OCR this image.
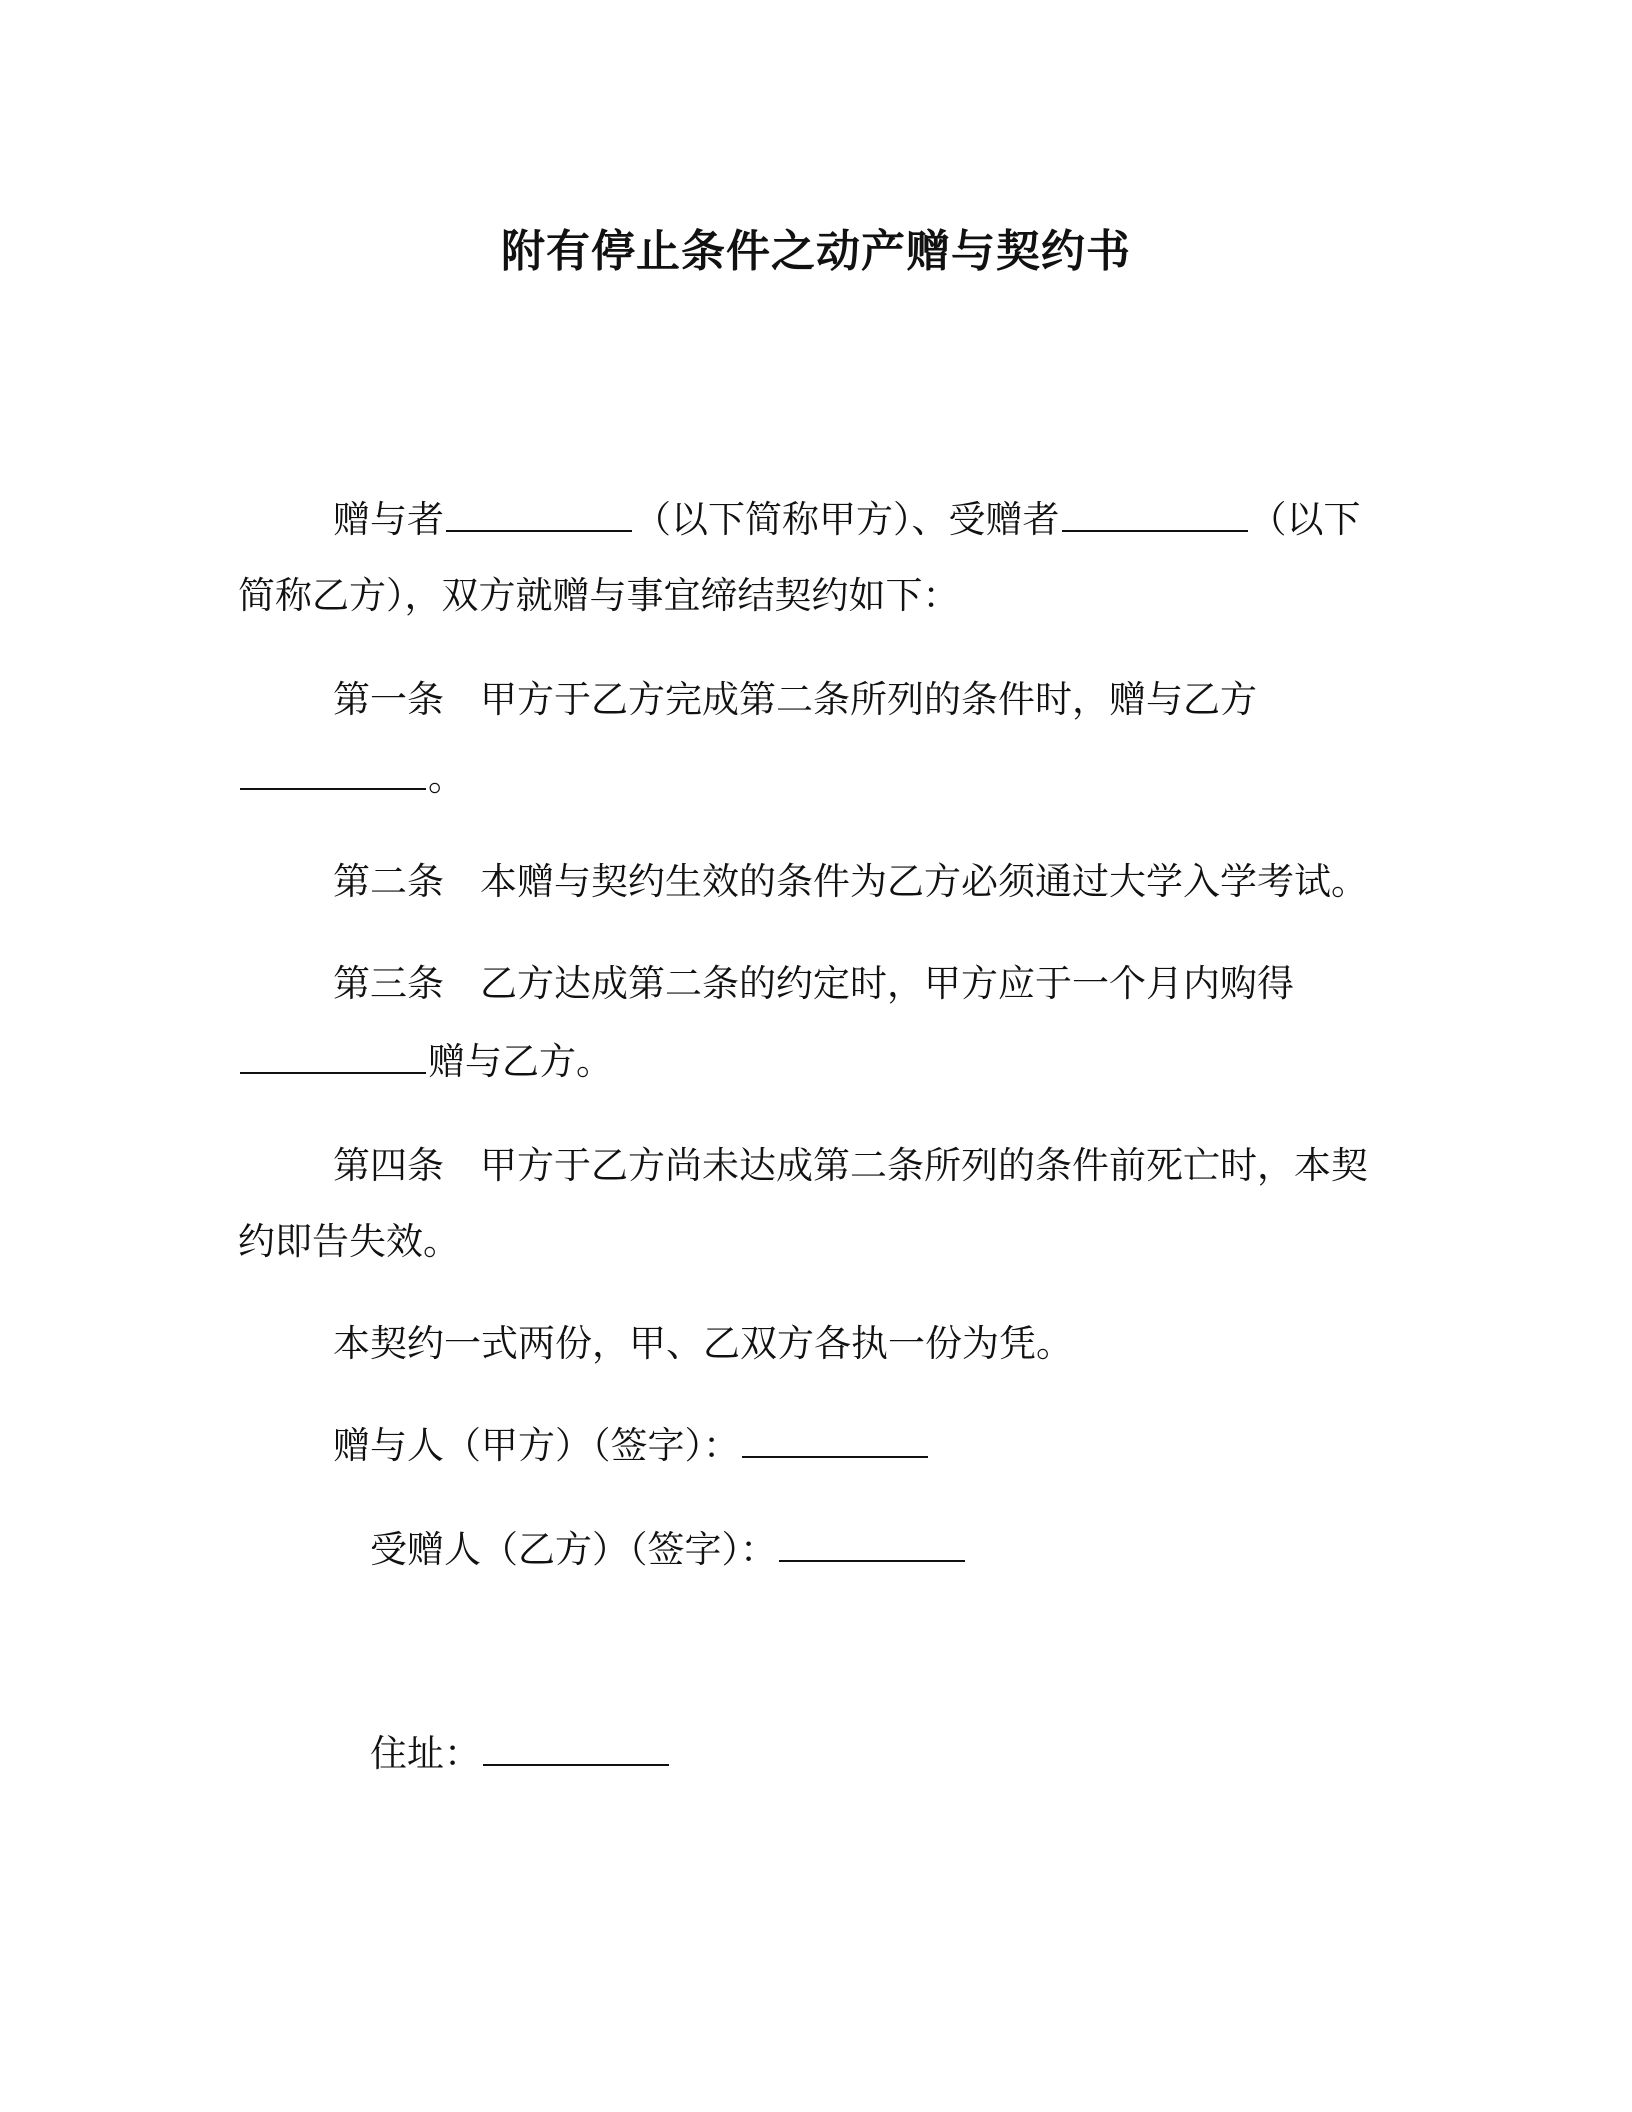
附有停止条件之动产赠与契约书
赠与者	（以下简称甲方）、受赠者	（以下
简称乙方），双方就赠与事宜缔结契约如下：
第一条 甲方于乙方完成第二条所列的条件时，赠与乙方
。
第二条 本赠与契约生效的条件为乙方必须通过大学入学考试。
第三条 乙方达成第二条的约定时，甲方应于一个月内购得
赠与乙方。
第四条 甲方于乙方尚未达成第二条所列的条件前死亡时，本契
约即告失效。
本契约一式两份，甲、乙双方各执一份为凭。
赠与人（甲方）（签字）：
受赠人（乙方）（签字）：
住址：
